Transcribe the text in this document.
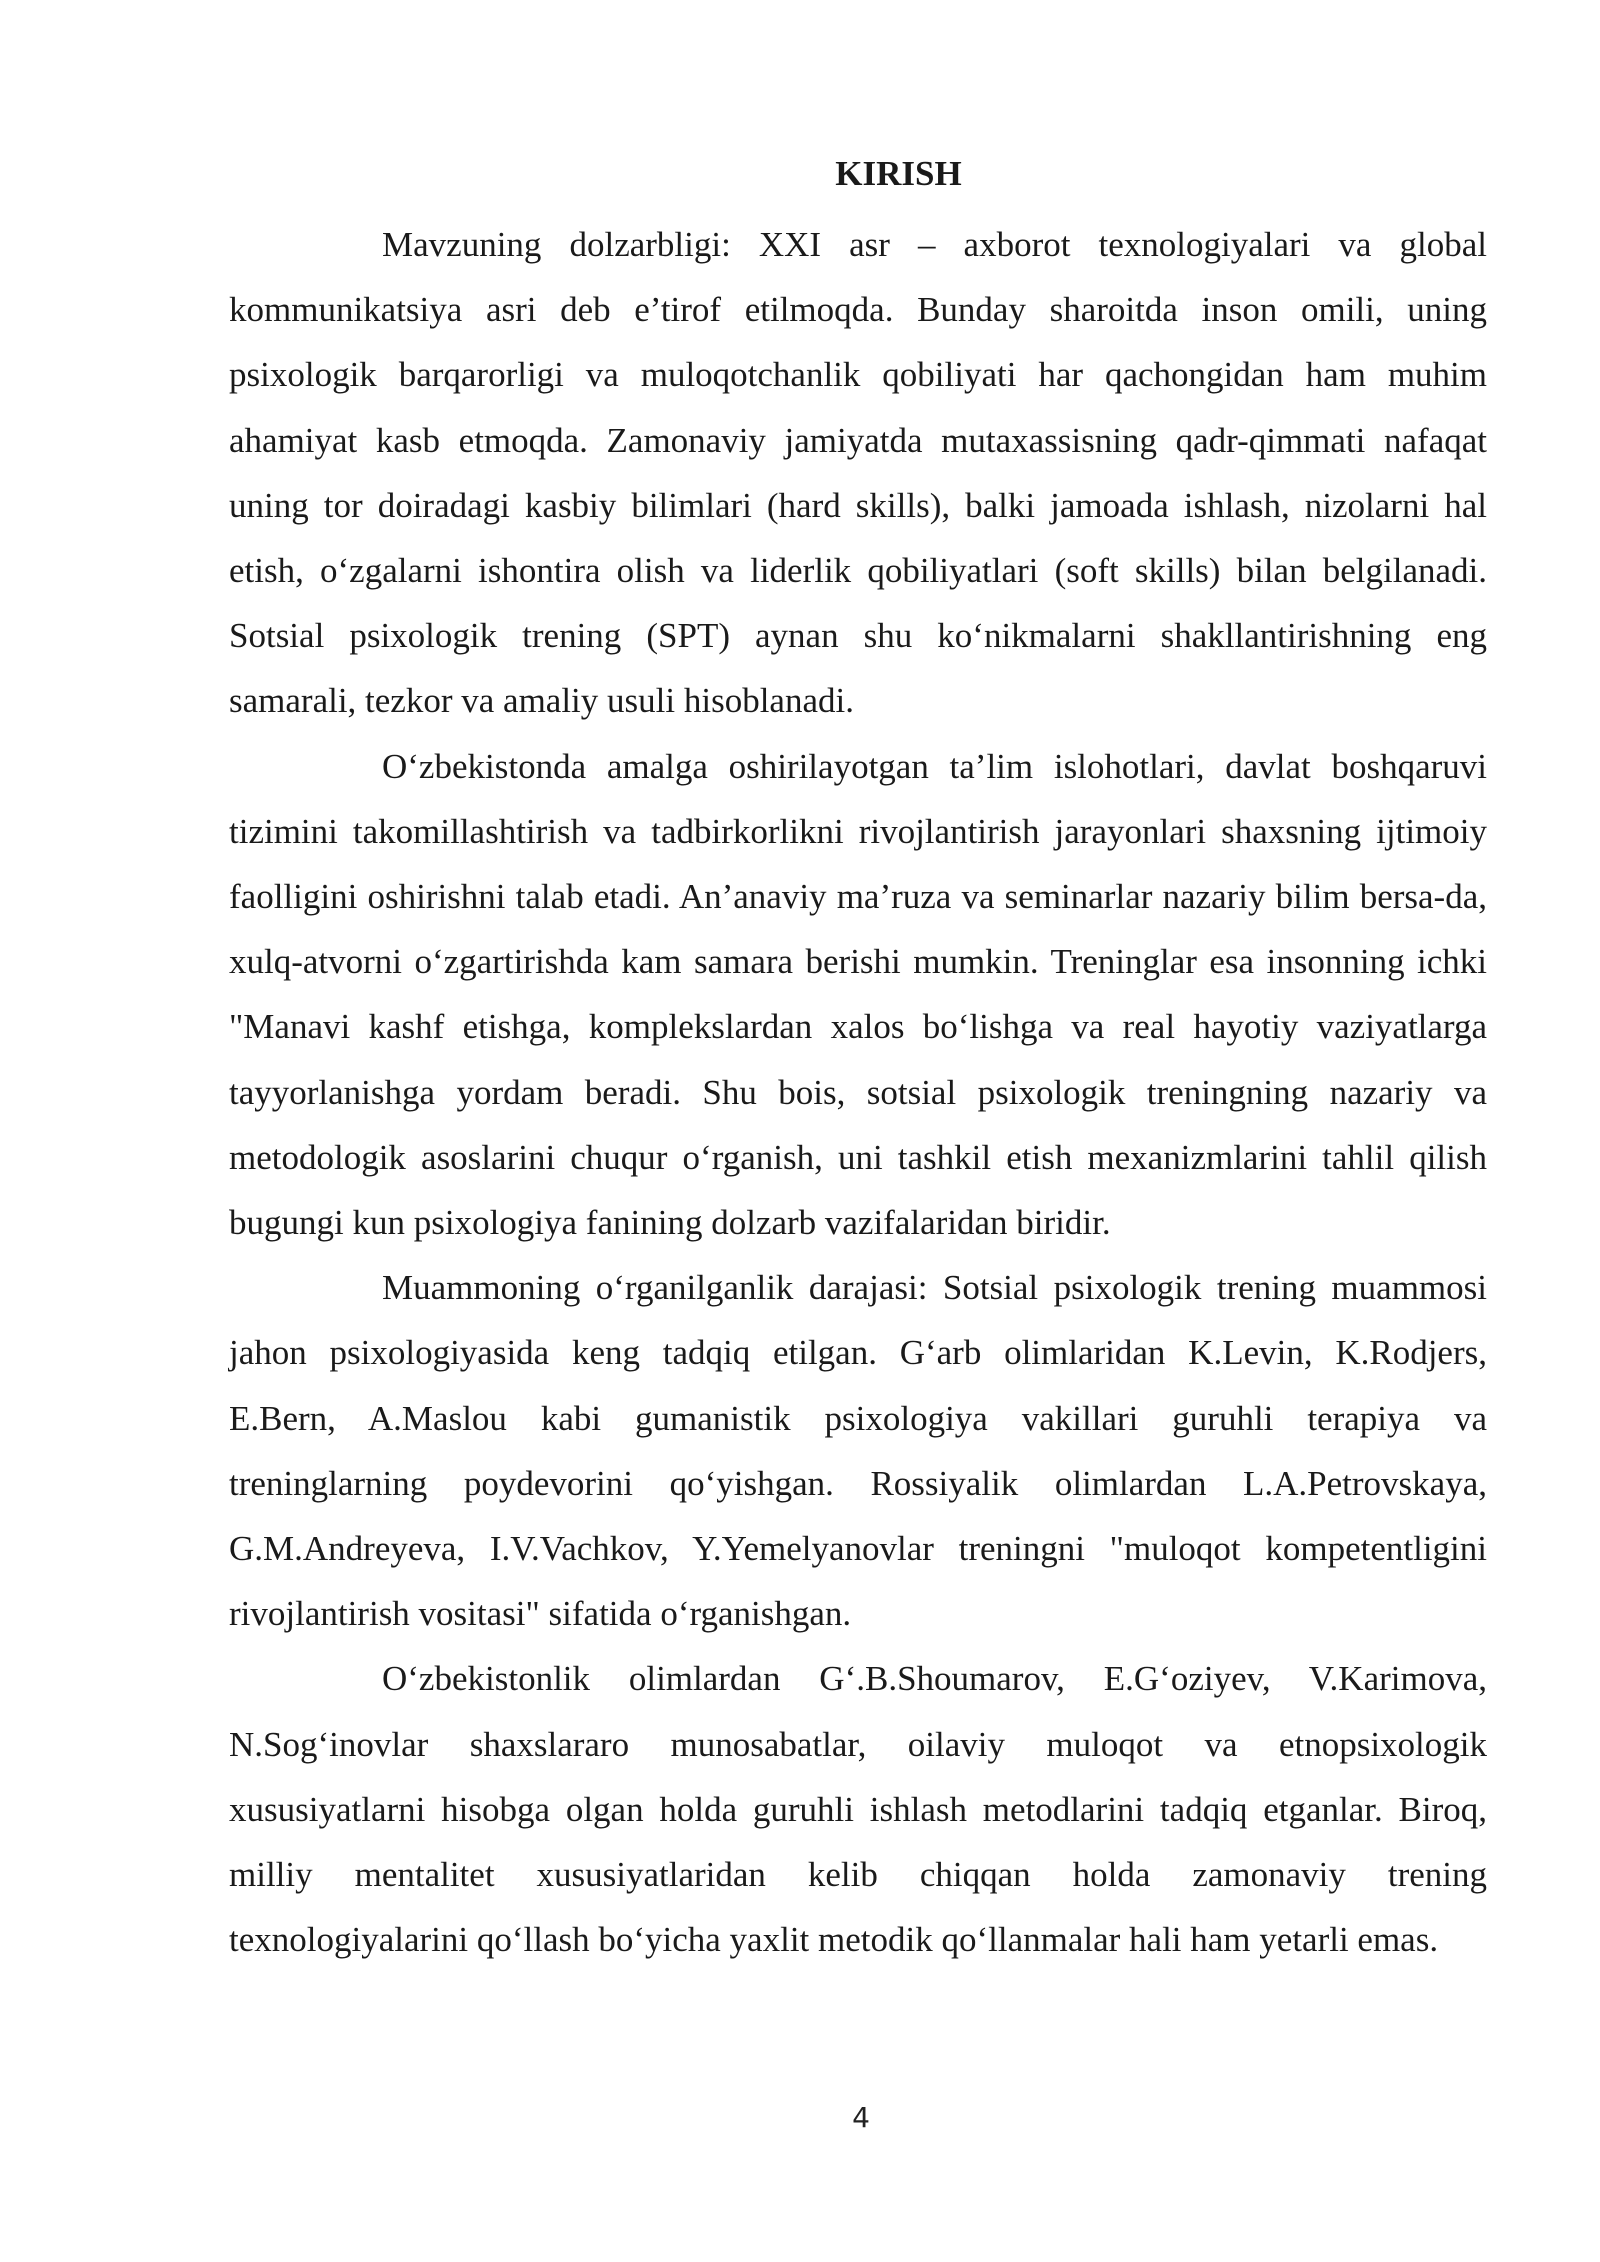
KIRISH

Mavzuning dolzarbligi: XXI asr – axborot texnologiyalari va global kommunikatsiya asri deb e’tirof etilmoqda. Bunday sharoitda inson omili, uning psixologik barqarorligi va muloqotchanlik qobiliyati har qachongidan ham muhim ahamiyat kasb etmoqda. Zamonaviy jamiyatda mutaxassisning qadr-qimmati nafaqat uning tor doiradagi kasbiy bilimlari (hard skills), balki jamoada ishlash, nizolarni hal etish, o‘zgalarni ishontira olish va liderlik qobiliyatlari (soft skills) bilan belgilanadi. Sotsial psixologik trening (SPT) aynan shu ko‘nikmalarni shakllantirishning eng samarali, tezkor va amaliy usuli hisoblanadi.

O‘zbekistonda amalga oshirilayotgan ta’lim islohotlari, davlat boshqaruvi tizimini takomillashtirish va tadbirkorlikni rivojlantirish jarayonlari shaxsning ijtimoiy faolligini oshirishni talab etadi. An’anaviy ma’ruza va seminarlar nazariy bilim bersa-da, xulq-atvorni o‘zgartirishda kam samara berishi mumkin. Treninglar esa insonning ichki "Manavi kashf etishga, komplekslardan xalos bo‘lishga va real hayotiy vaziyatlarga tayyorlanishga yordam beradi. Shu bois, sotsial psixologik treningning nazariy va metodologik asoslarini chuqur o‘rganish, uni tashkil etish mexanizmlarini tahlil qilish bugungi kun psixologiya fanining dolzarb vazifalaridan biridir.

Muammoning o‘rganilganlik darajasi: Sotsial psixologik trening muammosi jahon psixologiyasida keng tadqiq etilgan. G‘arb olimlaridan K.Levin, K.Rodjers, E.Bern, A.Maslou kabi gumanistik psixologiya vakillari guruhli terapiya va treninglarning poydevorini qo‘yishgan. Rossiyalik olimlardan L.A.Petrovskaya, G.M.Andreyeva, I.V.Vachkov, Y.Yemelyanovlar treningni "muloqot kompetentligini rivojlantirish vositasi" sifatida o‘rganishgan.

O‘zbekistonlik olimlardan G‘.B.Shoumarov, E.G‘oziyev, V.Karimova, N.Sog‘inovlar shaxslararo munosabatlar, oilaviy muloqot va etnopsixologik xususiyatlarni hisobga olgan holda guruhli ishlash metodlarini tadqiq etganlar. Biroq, milliy mentalitet xususiyatlaridan kelib chiqqan holda zamonaviy trening texnologiyalarini qo‘llash bo‘yicha yaxlit metodik qo‘llanmalar hali ham yetarli emas.

4
